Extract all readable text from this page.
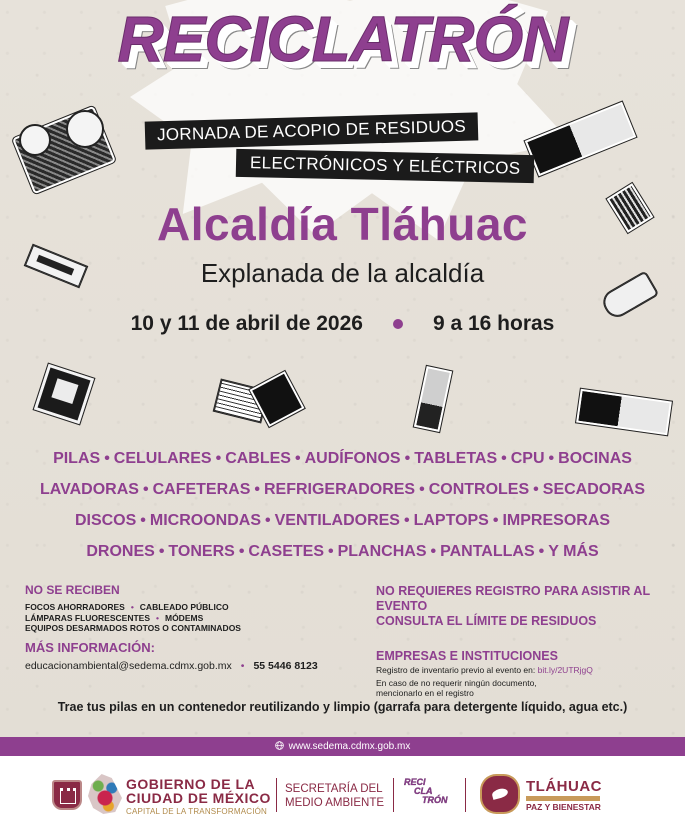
RECICLATRÓN
JORNADA DE ACOPIO DE RESIDUOS
ELECTRÓNICOS Y ELÉCTRICOS
Alcaldía Tláhuac
Explanada de la alcaldía
10 y 11 de abril de 2026	9 a 16 horas
PILAS • CELULARES • CABLES • AUDÍFONOS • TABLETAS • CPU • BOCINAS
LAVADORAS • CAFETERAS • REFRIGERADORES • CONTROLES • SECADORAS
DISCOS • MICROONDAS • VENTILADORES • LAPTOPS • IMPRESORAS
DRONES • TONERS • CASETES • PLANCHAS • PANTALLAS • Y MÁS
NO SE RECIBEN
FOCOS AHORRADORES • CABLEADO PÚBLICO
LÁMPARAS FLUORESCENTES • MÓDEMS
EQUIPOS DESARMADOS ROTOS O CONTAMINADOS
MÁS INFORMACIÓN:
educacionambiental@sedema.cdmx.gob.mx • 55 5446 8123
NO REQUIERES REGISTRO PARA ASISTIR AL EVENTO
CONSULTA EL LÍMITE DE RESIDUOS
EMPRESAS E INSTITUCIONES
Registro de inventario previo al evento en: bit.ly/2UTRjgQ
En caso de no requerir ningún documento,
mencionarlo en el registro
Trae tus pilas en un contenedor reutilizando y limpio (garrafa para detergente líquido, agua etc.)
www.sedema.cdmx.gob.mx
GOBIERNO DE LA
CIUDAD DE MÉXICO
CAPITAL DE LA TRANSFORMACIÓN
SECRETARÍA DEL
MEDIO AMBIENTE
RECI
CLA
TRÓN
TLÁHUAC
PAZ Y BIENESTAR
